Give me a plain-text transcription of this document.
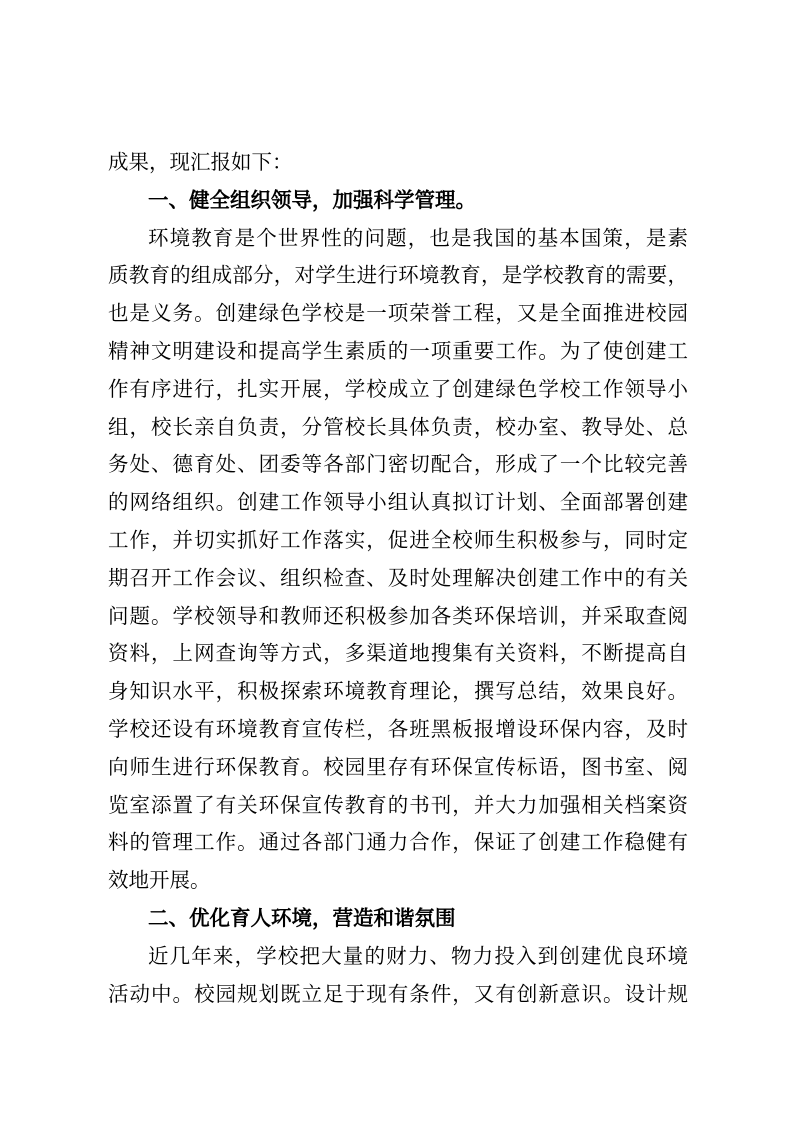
成果，现汇报如下：
一、健全组织领导，加强科学管理。
环境教育是个世界性的问题，也是我国的基本国策，是素
质教育的组成部分，对学生进行环境教育，是学校教育的需要，
也是义务。创建绿色学校是一项荣誉工程，又是全面推进校园
精神文明建设和提高学生素质的一项重要工作。为了使创建工
作有序进行，扎实开展，学校成立了创建绿色学校工作领导小
组，校长亲自负责，分管校长具体负责，校办室、教导处、总
务处、德育处、团委等各部门密切配合，形成了一个比较完善
的网络组织。创建工作领导小组认真拟订计划、全面部署创建
工作，并切实抓好工作落实，促进全校师生积极参与，同时定
期召开工作会议、组织检查、及时处理解决创建工作中的有关
问题。学校领导和教师还积极参加各类环保培训，并采取查阅
资料，上网查询等方式，多渠道地搜集有关资料，不断提高自
身知识水平，积极探索环境教育理论，撰写总结，效果良好。
学校还设有环境教育宣传栏，各班黑板报增设环保内容，及时
向师生进行环保教育。校园里存有环保宣传标语，图书室、阅
览室添置了有关环保宣传教育的书刊，并大力加强相关档案资
料的管理工作。通过各部门通力合作，保证了创建工作稳健有
效地开展。
二、优化育人环境，营造和谐氛围
近几年来，学校把大量的财力、物力投入到创建优良环境
活动中。校园规划既立足于现有条件，又有创新意识。设计规
